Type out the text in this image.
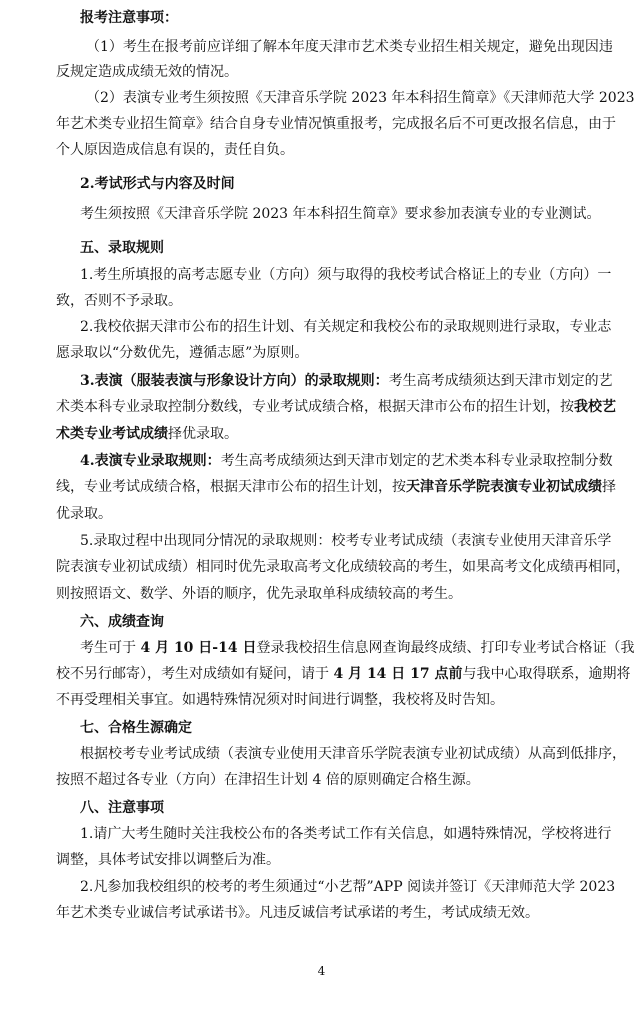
报考注意事项：
（1）考生在报考前应详细了解本年度天津市艺术类专业招生相关规定，避免出现因违
反规定造成成绩无效的情况。
（2）表演专业考生须按照《天津音乐学院 2023 年本科招生简章》《天津师范大学 2023
年艺术类专业招生简章》结合自身专业情况慎重报考，完成报名后不可更改报名信息，由于
个人原因造成信息有误的，责任自负。
2.考试形式与内容及时间
考生须按照《天津音乐学院 2023 年本科招生简章》要求参加表演专业的专业测试。
五、录取规则
1.考生所填报的高考志愿专业（方向）须与取得的我校考试合格证上的专业（方向）一
致，否则不予录取。
2.我校依据天津市公布的招生计划、有关规定和我校公布的录取规则进行录取，专业志
愿录取以“分数优先，遵循志愿”为原则。
3.表演（服装表演与形象设计方向）的录取规则：考生高考成绩须达到天津市划定的艺
术类本科专业录取控制分数线，专业考试成绩合格，根据天津市公布的招生计划，按我校艺
术类专业考试成绩择优录取。
4.表演专业录取规则：考生高考成绩须达到天津市划定的艺术类本科专业录取控制分数
线，专业考试成绩合格，根据天津市公布的招生计划，按天津音乐学院表演专业初试成绩择
优录取。
5.录取过程中出现同分情况的录取规则：校考专业考试成绩（表演专业使用天津音乐学
院表演专业初试成绩）相同时优先录取高考文化成绩较高的考生，如果高考文化成绩再相同，
则按照语文、数学、外语的顺序，优先录取单科成绩较高的考生。
六、成绩查询
考生可于 4 月 10 日-14 日登录我校招生信息网查询最终成绩、打印专业考试合格证（我
校不另行邮寄），考生对成绩如有疑问，请于 4 月 14 日 17 点前与我中心取得联系，逾期将
不再受理相关事宜。如遇特殊情况须对时间进行调整，我校将及时告知。
七、合格生源确定
根据校考专业考试成绩（表演专业使用天津音乐学院表演专业初试成绩）从高到低排序，
按照不超过各专业（方向）在津招生计划 4 倍的原则确定合格生源。
八、注意事项
1.请广大考生随时关注我校公布的各类考试工作有关信息，如遇特殊情况，学校将进行
调整，具体考试安排以调整后为准。
2.凡参加我校组织的校考的考生须通过“小艺帮”APP 阅读并签订《天津师范大学 2023
年艺术类专业诚信考试承诺书》。凡违反诚信考试承诺的考生，考试成绩无效。
4
